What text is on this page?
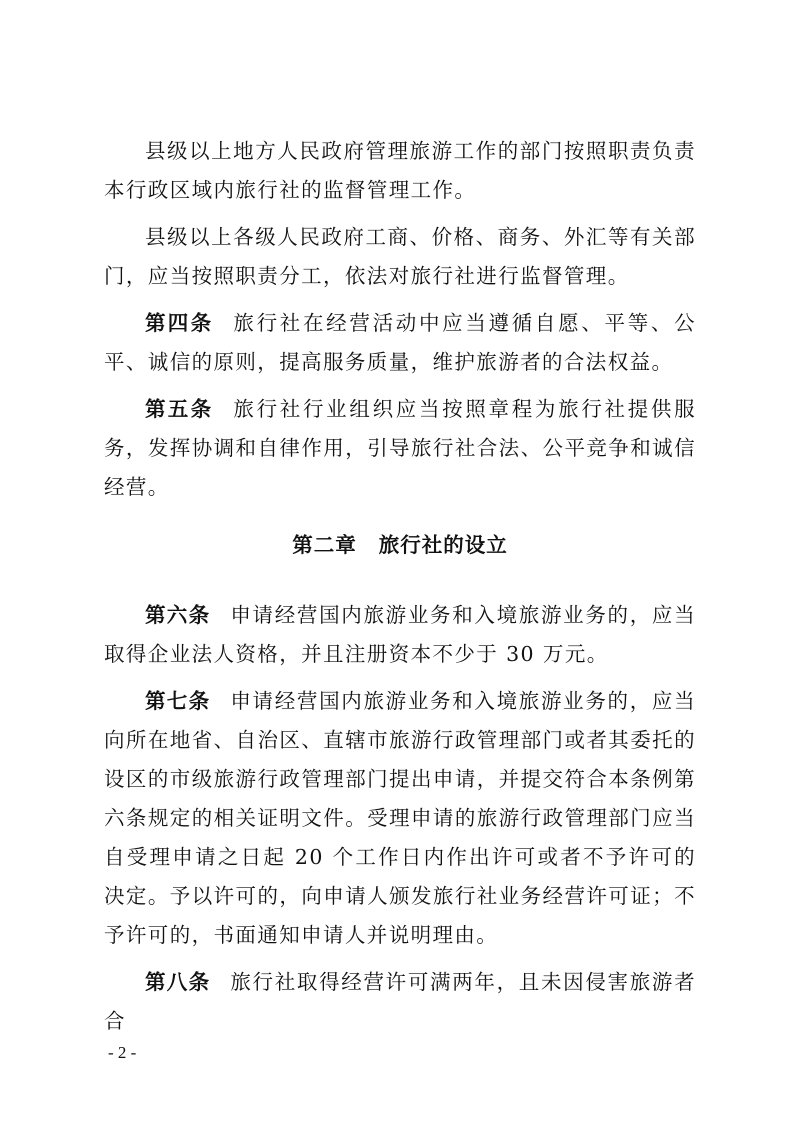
县级以上地方人民政府管理旅游工作的部门按照职责负责本行政区域内旅行社的监督管理工作。

县级以上各级人民政府工商、价格、商务、外汇等有关部门，应当按照职责分工，依法对旅行社进行监督管理。

第四条 旅行社在经营活动中应当遵循自愿、平等、公平、诚信的原则，提高服务质量，维护旅游者的合法权益。

第五条 旅行社行业组织应当按照章程为旅行社提供服务，发挥协调和自律作用，引导旅行社合法、公平竞争和诚信经营。

第二章 旅行社的设立

第六条 申请经营国内旅游业务和入境旅游业务的，应当取得企业法人资格，并且注册资本不少于 30 万元。

第七条 申请经营国内旅游业务和入境旅游业务的，应当向所在地省、自治区、直辖市旅游行政管理部门或者其委托的设区的市级旅游行政管理部门提出申请，并提交符合本条例第六条规定的相关证明文件。受理申请的旅游行政管理部门应当自受理申请之日起 20 个工作日内作出许可或者不予许可的决定。予以许可的，向申请人颁发旅行社业务经营许可证；不予许可的，书面通知申请人并说明理由。

第八条 旅行社取得经营许可满两年，且未因侵害旅游者合

- 2 -
